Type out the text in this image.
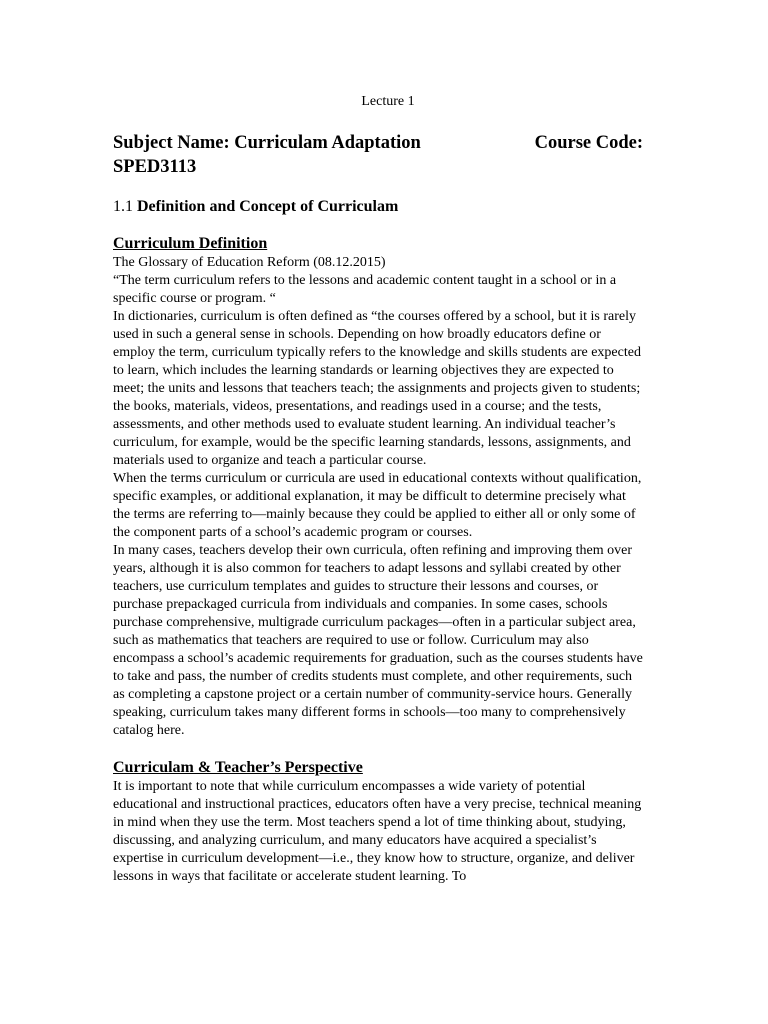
Lecture 1

Subject Name: Curriculam Adaptation	Course Code:

SPED3113

1.1 Definition and Concept of Curriculam

Curriculum Definition

The Glossary of Education Reform (08.12.2015)

“The term curriculum refers to the lessons and academic content taught in a school or in a specific course or program. “

In dictionaries, curriculum is often defined as “the courses offered by a school, but it is rarely used in such a general sense in schools. Depending on how broadly educators define or employ the term, curriculum typically refers to the knowledge and skills students are expected to learn, which includes the learning standards or learning objectives they are expected to meet; the units and lessons that teachers teach; the assignments and projects given to students; the books, materials, videos, presentations, and readings used in a course; and the tests, assessments, and other methods used to evaluate student learning. An individual teacher’s curriculum, for example, would be the specific learning standards, lessons, assignments, and materials used to organize and teach a particular course.

When the terms curriculum or curricula are used in educational contexts without qualification, specific examples, or additional explanation, it may be difficult to determine precisely what the terms are referring to—mainly because they could be applied to either all or only some of the component parts of a school’s academic program or courses.

In many cases, teachers develop their own curricula, often refining and improving them over years, although it is also common for teachers to adapt lessons and syllabi created by other teachers, use curriculum templates and guides to structure their lessons and courses, or purchase prepackaged curricula from individuals and companies. In some cases, schools purchase comprehensive, multigrade curriculum packages—often in a particular subject area, such as mathematics that teachers are required to use or follow. Curriculum may also encompass a school’s academic requirements for graduation, such as the courses students have to take and pass, the number of credits students must complete, and other requirements, such as completing a capstone project or a certain number of community-service hours. Generally speaking, curriculum takes many different forms in schools—too many to comprehensively catalog here.

Curriculam & Teacher’s Perspective

It is important to note that while curriculum encompasses a wide variety of potential educational and instructional practices, educators often have a very precise, technical meaning in mind when they use the term. Most teachers spend a lot of time thinking about, studying, discussing, and analyzing curriculum, and many educators have acquired a specialist’s expertise in curriculum development—i.e., they know how to structure, organize, and deliver lessons in ways that facilitate or accelerate student learning. To
